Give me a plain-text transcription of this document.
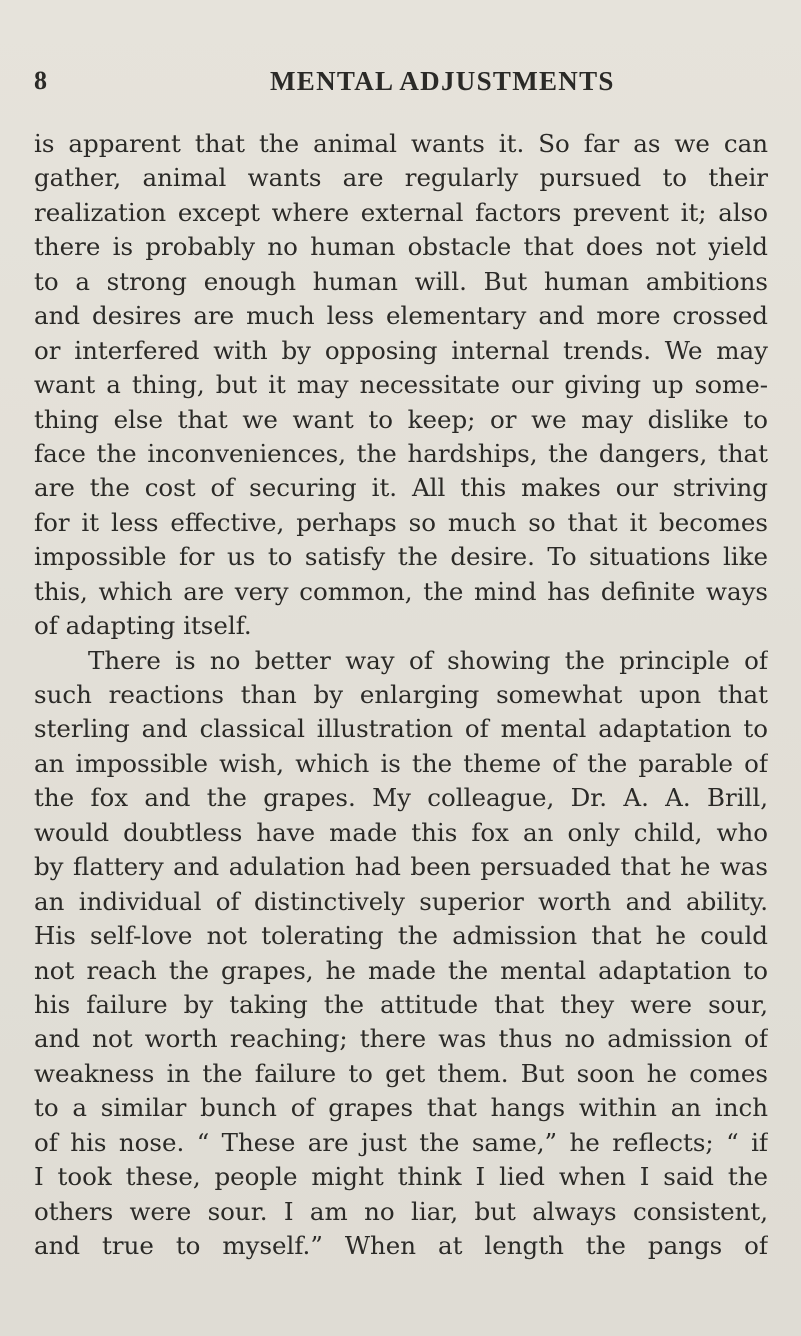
8	MENTAL ADJUSTMENTS
is apparent that the animal wants it. So far as we can
gather, animal wants are regularly pursued to their
realization except where external factors prevent it; also
there is probably no human obstacle that does not yield
to a strong enough human will. But human ambitions
and desires are much less elementary and more crossed
or interfered with by opposing internal trends. We may
want a thing, but it may necessitate our giving up some-
thing else that we want to keep; or we may dislike to
face the inconveniences, the hardships, the dangers, that
are the cost of securing it. All this makes our striving
for it less effective, perhaps so much so that it becomes
impossible for us to satisfy the desire. To situations like
this, which are very common, the mind has definite ways
of adapting itself.
There is no better way of showing the principle of
such reactions than by enlarging somewhat upon that
sterling and classical illustration of mental adaptation to
an impossible wish, which is the theme of the parable of
the fox and the grapes. My colleague, Dr. A. A. Brill,
would doubtless have made this fox an only child, who
by flattery and adulation had been persuaded that he was
an individual of distinctively superior worth and ability.
His self-love not tolerating the admission that he could
not reach the grapes, he made the mental adaptation to
his failure by taking the attitude that they were sour,
and not worth reaching; there was thus no admission of
weakness in the failure to get them. But soon he comes
to a similar bunch of grapes that hangs within an inch
of his nose. “ These are just the same,” he reflects; “ if
I took these, people might think I lied when I said the
others were sour. I am no liar, but always consistent,
and true to myself.” When at length the pangs of
